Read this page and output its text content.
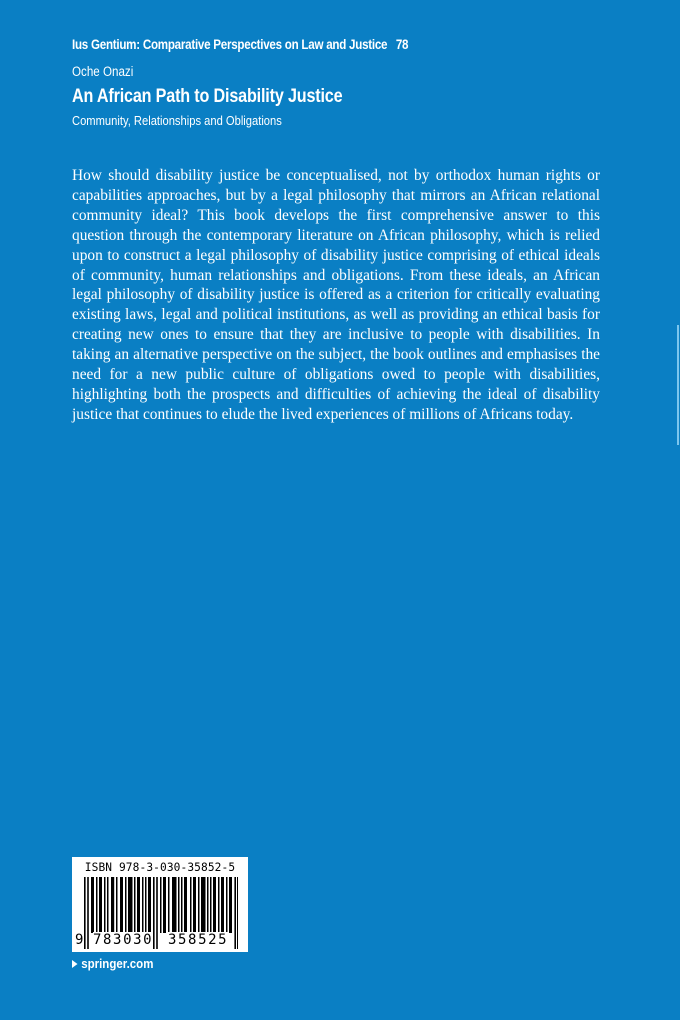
Ius Gentium: Comparative Perspectives on Law and Justice 78
Oche Onazi
An African Path to Disability Justice
Community, Relationships and Obligations

How should disability justice be conceptualised, not by orthodox human rights or capabilities approaches, but by a legal philosophy that mirrors an African relational community ideal? This book develops the first comprehensive answer to this question through the contemporary literature on African philosophy, which is relied upon to construct a legal philosophy of disability justice comprising of ethical ideals of community, human relationships and obligations. From these ideals, an African legal philosophy of disability justice is offered as a criterion for critically evaluating existing laws, legal and political institutions, as well as providing an ethical basis for creating new ones to ensure that they are inclusive to people with disabilities. In taking an alternative perspective on the subject, the book outlines and emphasises the need for a new public culture of obligations owed to people with disabilities, highlighting both the prospects and difficulties of achieving the ideal of disability justice that continues to elude the lived experiences of millions of Africans today.

ISBN 978-3-030-35852-5
9 783030 358525
springer.com
